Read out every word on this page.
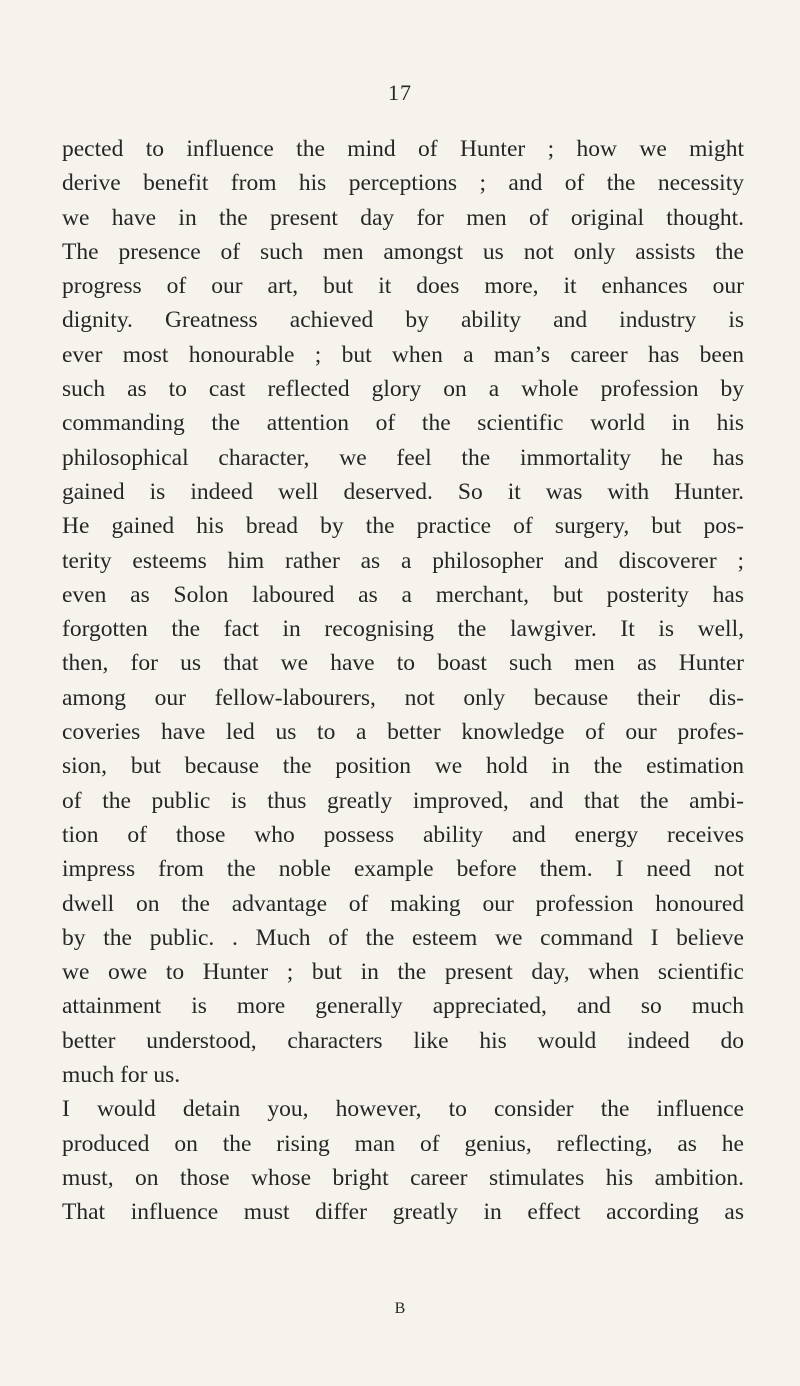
17
pected to influence the mind of Hunter ; how we might
derive benefit from his perceptions ; and of the necessity
we have in the present day for men of original thought.
The presence of such men amongst us not only assists the
progress of our art, but it does more, it enhances our
dignity. Greatness achieved by ability and industry is
ever most honourable ; but when a man’s career has been
such as to cast reflected glory on a whole profession by
commanding the attention of the scientific world in his
philosophical character, we feel the immortality he has
gained is indeed well deserved. So it was with Hunter.
He gained his bread by the practice of surgery, but pos-
terity esteems him rather as a philosopher and discoverer ;
even as Solon laboured as a merchant, but posterity has
forgotten the fact in recognising the lawgiver. It is well,
then, for us that we have to boast such men as Hunter
among our fellow-labourers, not only because their dis-
coveries have led us to a better knowledge of our profes-
sion, but because the position we hold in the estimation
of the public is thus greatly improved, and that the ambi-
tion of those who possess ability and energy receives
impress from the noble example before them. I need not
dwell on the advantage of making our profession honoured
by the public. . Much of the esteem we command I believe
we owe to Hunter ; but in the present day, when scientific
attainment is more generally appreciated, and so much
better understood, characters like his would indeed do
much for us.
I would detain you, however, to consider the influence
produced on the rising man of genius, reflecting, as he
must, on those whose bright career stimulates his ambition.
That influence must differ greatly in effect according as
B
